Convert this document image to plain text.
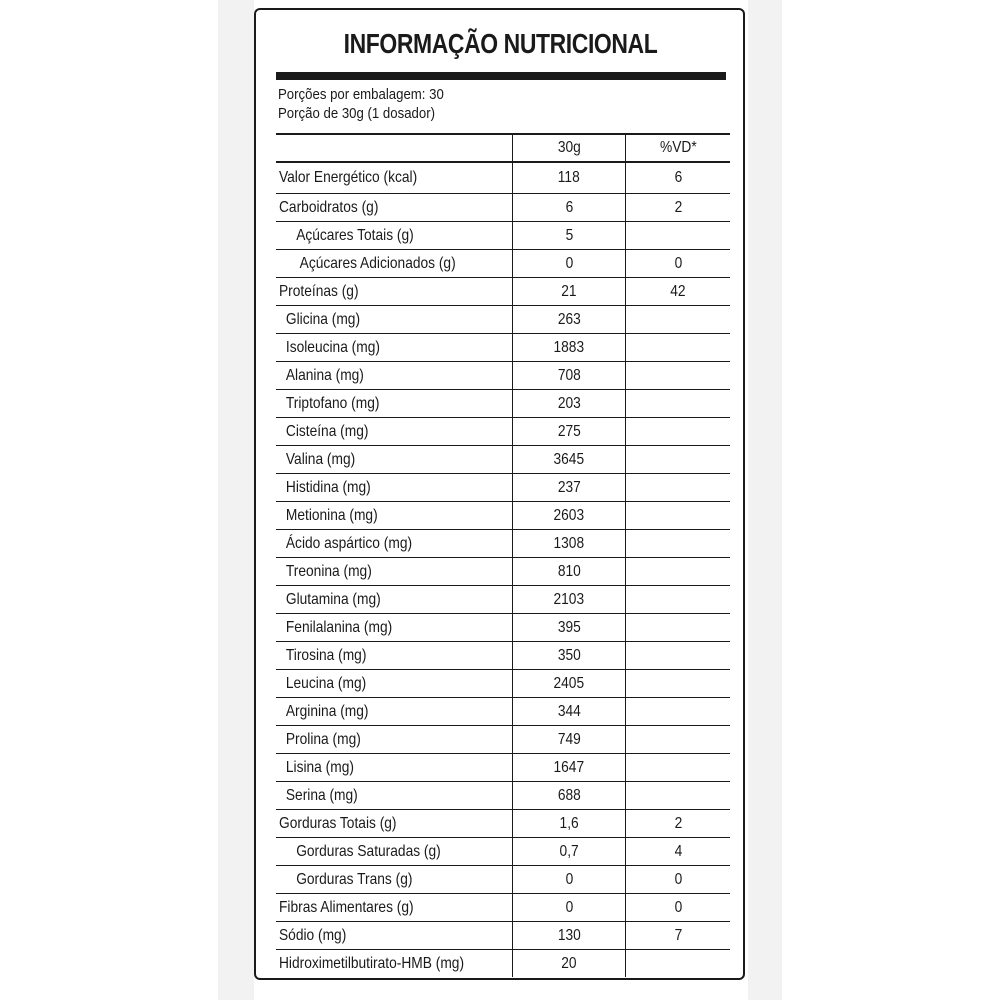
INFORMAÇÃO NUTRICIONAL
Porções por embalagem: 30
Porção de 30g (1 dosador)
	30g	%VD*
Valor Energético (kcal)	118	6
Carboidratos (g)	6	2
Açúcares Totais (g)	5	
Açúcares Adicionados (g)	0	0
Proteínas (g)	21	42
Glicina (mg)	263	
Isoleucina (mg)	1883	
Alanina (mg)	708	
Triptofano (mg)	203	
Cisteína (mg)	275	
Valina (mg)	3645	
Histidina (mg)	237	
Metionina (mg)	2603	
Ácido aspártico (mg)	1308	
Treonina (mg)	810	
Glutamina (mg)	2103	
Fenilalanina (mg)	395	
Tirosina (mg)	350	
Leucina (mg)	2405	
Arginina (mg)	344	
Prolina (mg)	749	
Lisina (mg)	1647	
Serina (mg)	688	
Gorduras Totais (g)	1,6	2
Gorduras Saturadas (g)	0,7	4
Gorduras Trans (g)	0	0
Fibras Alimentares (g)	0	0
Sódio (mg)	130	7
Hidroximetilbutirato-HMB (mg)	20	
